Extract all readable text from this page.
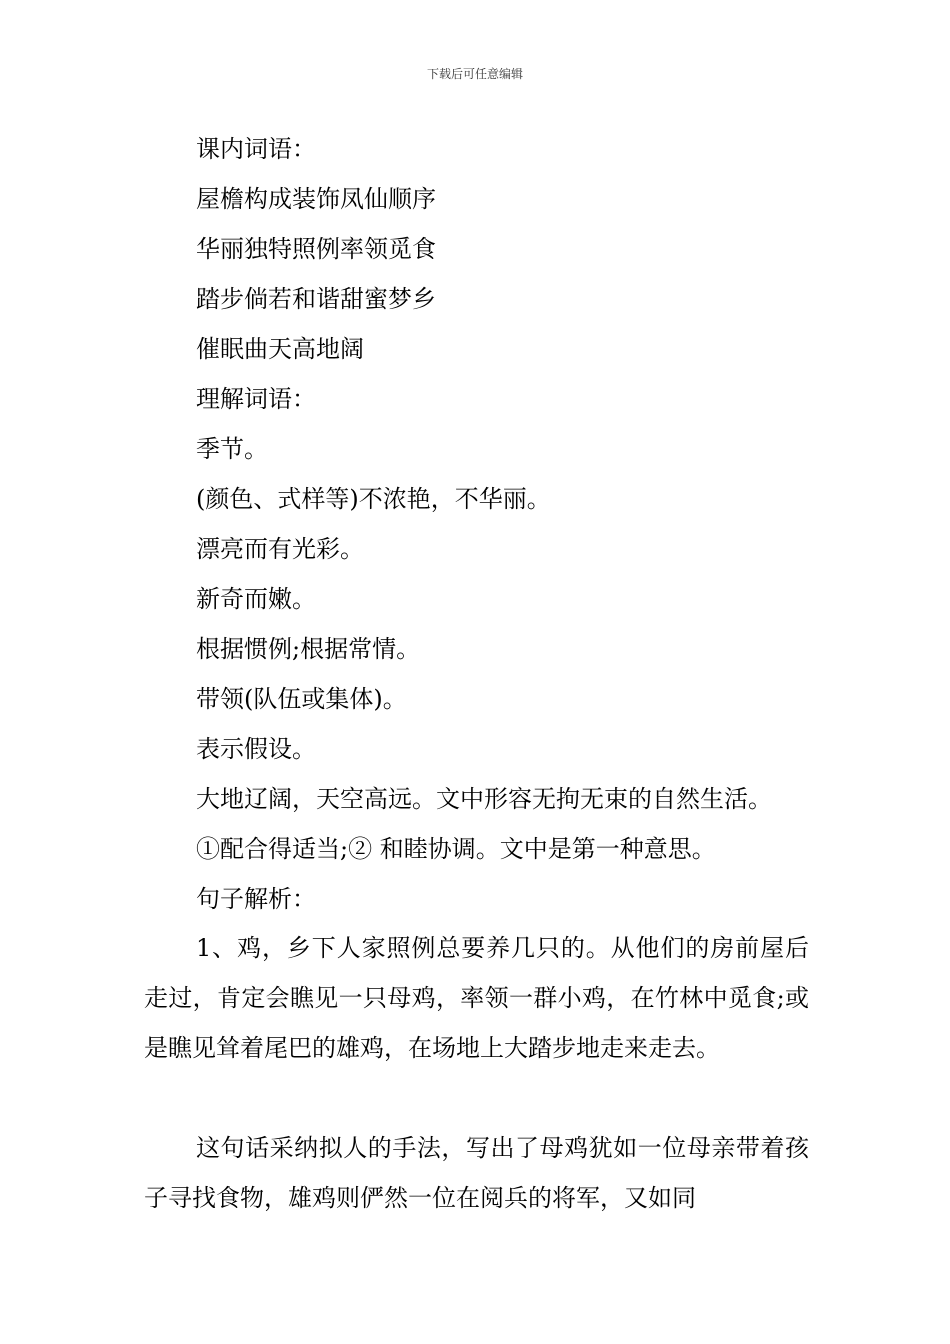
下载后可任意编辑
课内词语：
屋檐构成装饰凤仙顺序
华丽独特照例率领觅食
踏步倘若和谐甜蜜梦乡
催眠曲天高地阔
理解词语：
季节。
(颜色、式样等)不浓艳，不华丽。
漂亮而有光彩。
新奇而嫩。
根据惯例;根据常情。
带领(队伍或集体)。
表示假设。
大地辽阔，天空高远。文中形容无拘无束的自然生活。
①配合得适当;② 和睦协调。文中是第一种意思。
句子解析：

1、鸡，乡下人家照例总要养几只的。从他们的房前屋后走过，肯定会瞧见一只母鸡，率领一群小鸡，在竹林中觅食;或是瞧见耸着尾巴的雄鸡，在场地上大踏步地走来走去。

这句话采纳拟人的手法，写出了母鸡犹如一位母亲带着孩子寻找食物，雄鸡则俨然一位在阅兵的将军，又如同
